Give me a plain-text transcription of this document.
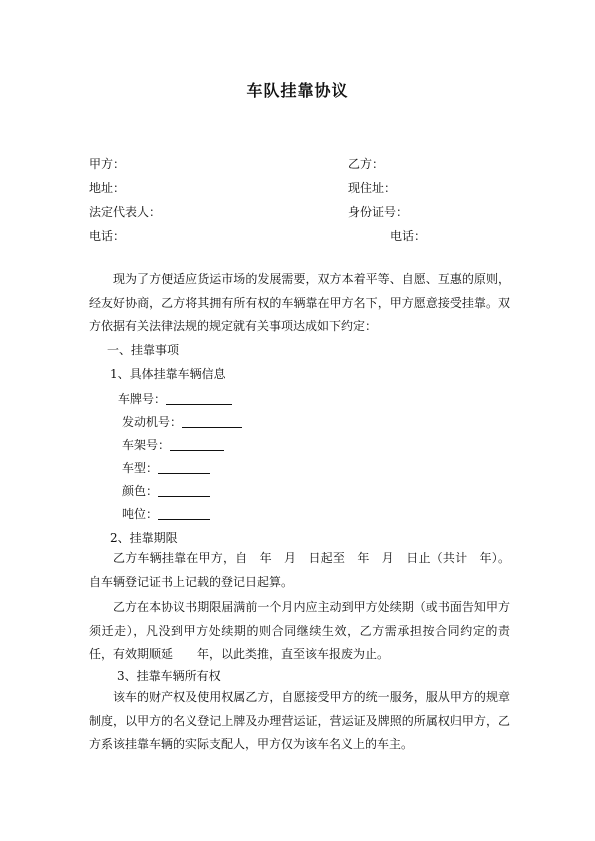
车队挂靠协议
甲方：
地址：
法定代表人：
电话：
乙方：
现住址：
身份证号：
电话：
现为了方便适应货运市场的发展需要，双方本着平等、自愿、互惠的原则，经友好协商，乙方将其拥有所有权的车辆靠在甲方名下，甲方愿意接受挂靠。双方依据有关法律法规的规定就有关事项达成如下约定：
一、挂靠事项
1、具体挂靠车辆信息
车牌号：
发动机号：
车架号：
车型：
颜色：
吨位：
2、挂靠期限
乙方车辆挂靠在甲方，自　年　月　日起至　年　月　日止（共计　年）。自车辆登记证书上记载的登记日起算。
乙方在本协议书期限届满前一个月内应主动到甲方处续期（或书面告知甲方须迁走），凡没到甲方处续期的则合同继续生效，乙方需承担按合同约定的责任，有效期顺延　　年，以此类推，直至该车报废为止。
3、挂靠车辆所有权
该车的财产权及使用权属乙方，自愿接受甲方的统一服务，服从甲方的规章制度，以甲方的名义登记上牌及办理营运证，营运证及牌照的所属权归甲方，乙方系该挂靠车辆的实际支配人，甲方仅为该车名义上的车主。
